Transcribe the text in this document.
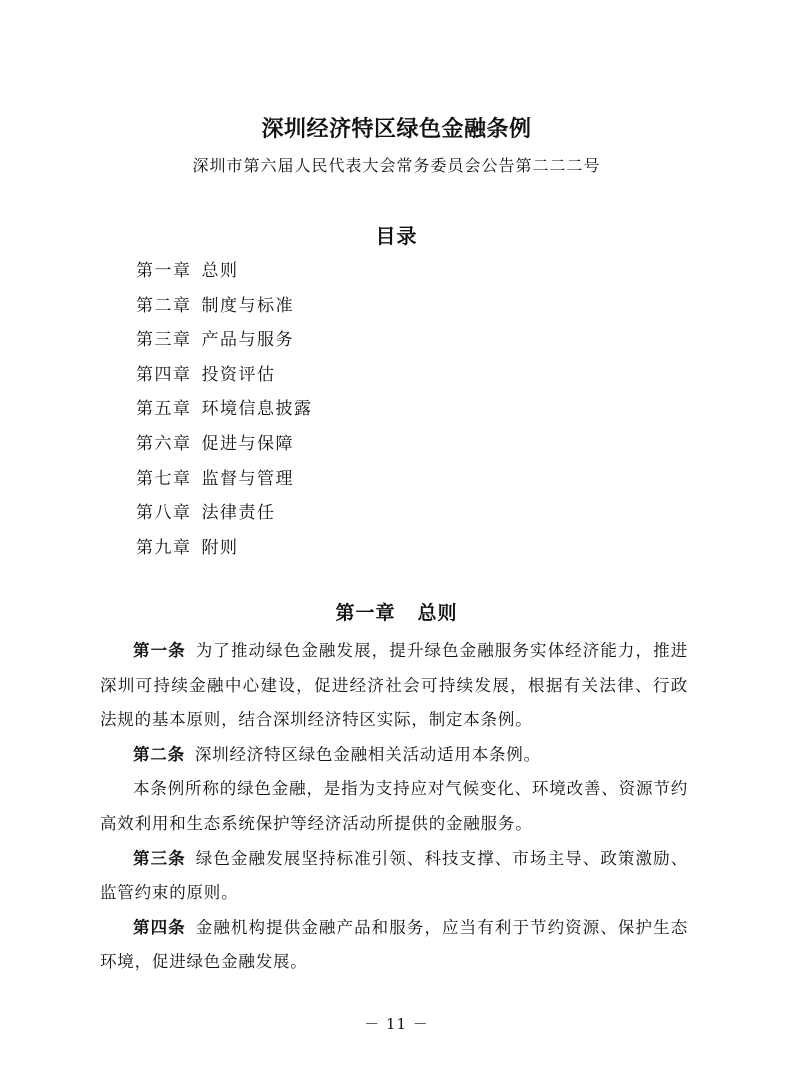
深圳经济特区绿色金融条例
深圳市第六届人民代表大会常务委员会公告第二二二号
目录
第一章 总则
第二章 制度与标准
第三章 产品与服务
第四章 投资评估
第五章 环境信息披露
第六章 促进与保障
第七章 监督与管理
第八章 法律责任
第九章 附则
第一章 总则

第一条 为了推动绿色金融发展，提升绿色金融服务实体经济能力，推进深圳可持续金融中心建设，促进经济社会可持续发展，根据有关法律、行政法规的基本原则，结合深圳经济特区实际，制定本条例。

第二条 深圳经济特区绿色金融相关活动适用本条例。

本条例所称的绿色金融，是指为支持应对气候变化、环境改善、资源节约高效利用和生态系统保护等经济活动所提供的金融服务。

第三条 绿色金融发展坚持标准引领、科技支撑、市场主导、政策激励、监管约束的原则。

第四条 金融机构提供金融产品和服务，应当有利于节约资源、保护生态环境，促进绿色金融发展。

－ 11 －
